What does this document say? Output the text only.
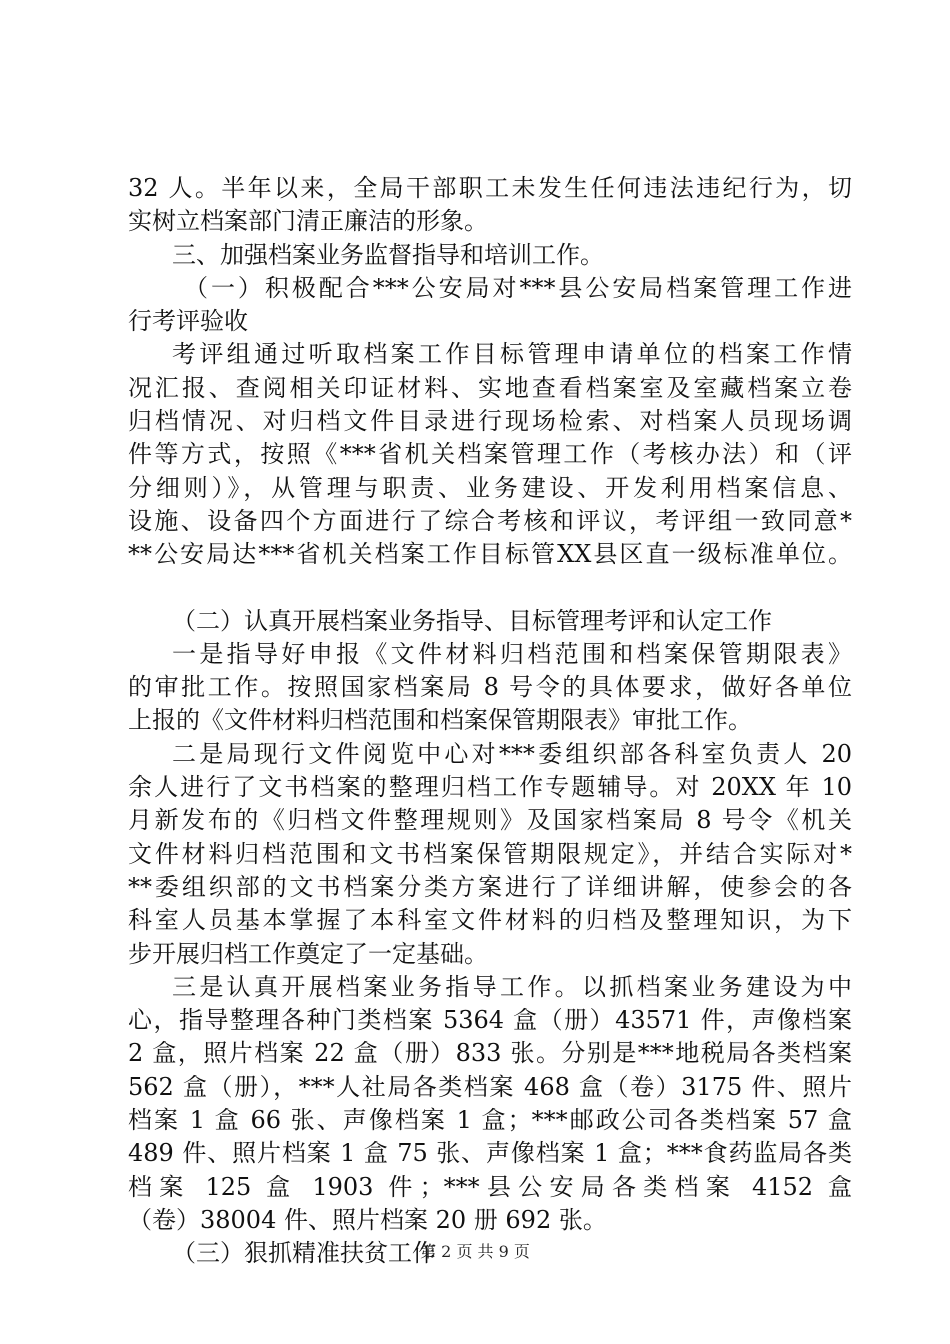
32 人。半年以来，全局干部职工未发生任何违法违纪行为，切
实树立档案部门清正廉洁的形象。
三、加强档案业务监督指导和培训工作。
（一）积极配合***公安局对***县公安局档案管理工作进
行考评验收
考评组通过听取档案工作目标管理申请单位的档案工作情
况汇报、查阅相关印证材料、实地查看档案室及室藏档案立卷
归档情况、对归档文件目录进行现场检索、对档案人员现场调
件等方式，按照《***省机关档案管理工作（考核办法）和（评
分细则）》，从管理与职责、业务建设、开发利用档案信息、
设施、设备四个方面进行了综合考核和评议，考评组一致同意*
**公安局达***省机关档案工作目标管XX县区直一级标准单位。
（二）认真开展档案业务指导、目标管理考评和认定工作
一是指导好申报《文件材料归档范围和档案保管期限表》
的审批工作。按照国家档案局 8 号令的具体要求，做好各单位
上报的《文件材料归档范围和档案保管期限表》审批工作。
二是局现行文件阅览中心对***委组织部各科室负责人 20
余人进行了文书档案的整理归档工作专题辅导。对 20XX 年 10
月新发布的《归档文件整理规则》及国家档案局 8 号令《机关
文件材料归档范围和文书档案保管期限规定》，并结合实际对*
**委组织部的文书档案分类方案进行了详细讲解，使参会的各
科室人员基本掌握了本科室文件材料的归档及整理知识，为下
步开展归档工作奠定了一定基础。
三是认真开展档案业务指导工作。以抓档案业务建设为中
心，指导整理各种门类档案 5364 盒（册）43571 件，声像档案
2 盒，照片档案 22 盒（册）833 张。分别是***地税局各类档案
562 盒（册），***人社局各类档案 468 盒（卷）3175 件、照片
档案 1 盒 66 张、声像档案 1 盒；***邮政公司各类档案 57 盒
489 件、照片档案 1 盒 75 张、声像档案 1 盒；***食药监局各类
档案 125 盒 1903 件；***县公安局各类档案 4152 盒
（卷）38004 件、照片档案 20 册 692 张。
（三）狠抓精准扶贫工作
第 2 页 共 9 页
